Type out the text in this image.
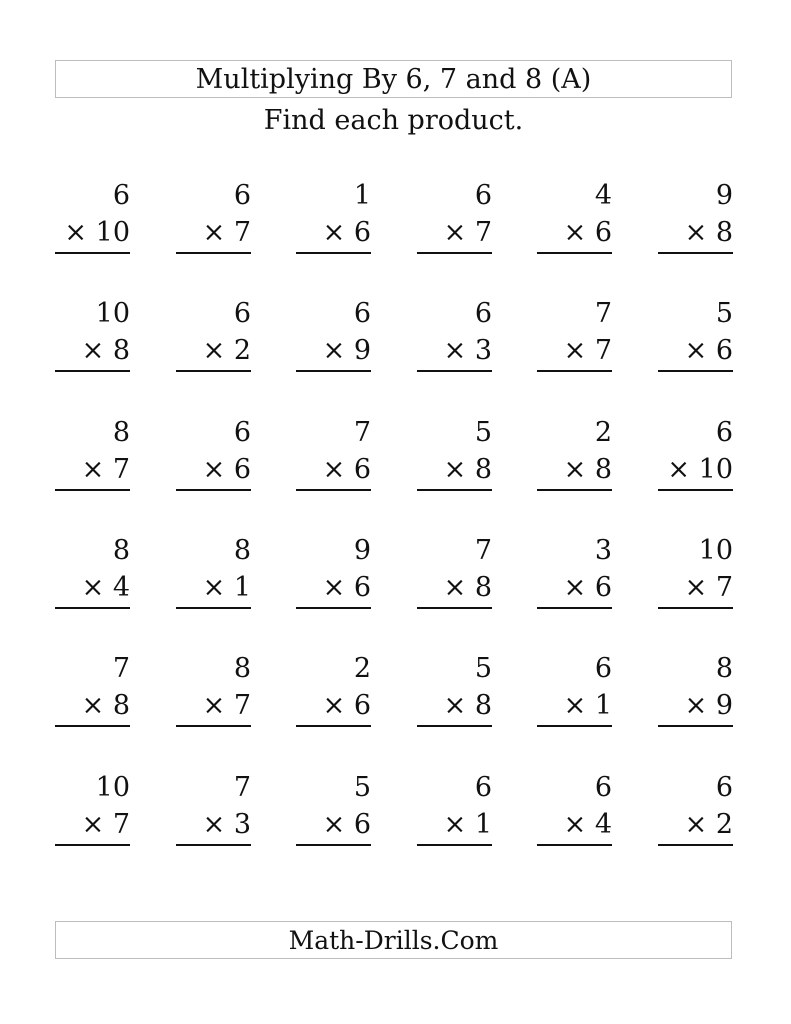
Multiplying By 6, 7 and 8 (A)
Find each product.
6
× 10
6
× 7
1
× 6
6
× 7
4
× 6
9
× 8
10
× 8
6
× 2
6
× 9
6
× 3
7
× 7
5
× 6
8
× 7
6
× 6
7
× 6
5
× 8
2
× 8
6
× 10
8
× 4
8
× 1
9
× 6
7
× 8
3
× 6
10
× 7
7
× 8
8
× 7
2
× 6
5
× 8
6
× 1
8
× 9
10
× 7
7
× 3
5
× 6
6
× 1
6
× 4
6
× 2
Math-Drills.Com
